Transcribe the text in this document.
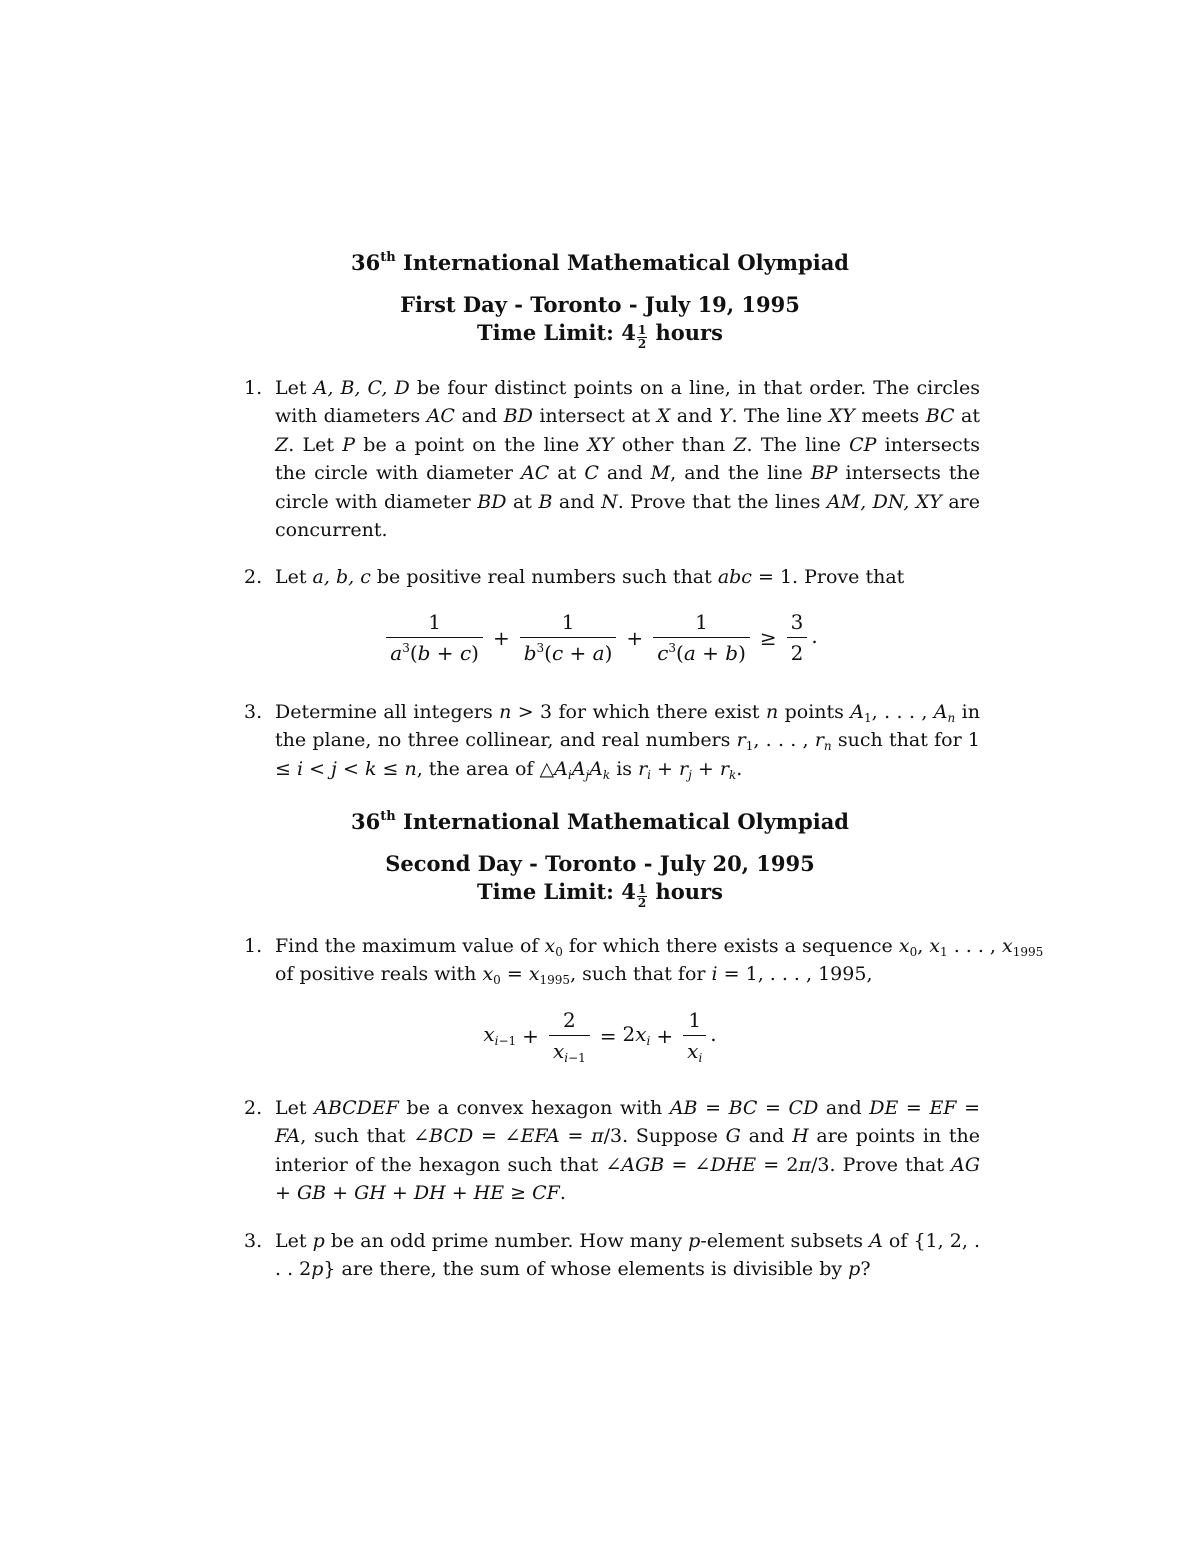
36th International Mathematical Olympiad
First Day - Toronto - July 19, 1995
Time Limit: $4 \frac{1}{2}$ hours
1. Let A, B, C, D be four distinct points on a line, in that order. The circles with diameters AC and BD intersect at X and Y. The line XY meets BC at Z. Let P be a point on the line XY other than Z. The line CP intersects the circle with diameter AC at C and M, and the line BP intersects the circle with diameter BD at B and N. Prove that the lines AM, DN, XY are concurrent.
2. Let a, b, c be positive real numbers such that abc = 1. Prove that
$\frac{1}{a^3(b + c)} + \frac{1}{b^3(c + a)} + \frac{1}{c^3(a + b)} \ge \frac{3}{2}$ .
3. Determine all integers n > 3 for which there exist n points $A_1$, . . . , $A_n$ in the plane, no three collinear, and real numbers $r_1$, . . . , $r_n$ such that for 1 ≤ i < j < k ≤ n, the area of $\triangle A_iA_jA_k$ is $r_i + r_j + r_k$.
36th International Mathematical Olympiad
Second Day - Toronto - July 20, 1995
Time Limit: $4 \frac{1}{2}$ hours
1. Find the maximum value of $x_0$ for which there exists a sequence $x_0$, $x_1$ . . . , $x_{1995}$
of positive reals with $x_0 = x_{1995}$, such that for i = 1, . . . , 1995,
$x_{i-1} + \frac{2}{x_{i-1}} = 2x_i + \frac{1}{x_i}$ .
2. Let ABCDEF be a convex hexagon with AB = BC = CD and DE = EF = FA, such that ∠BCD = ∠EFA = π/3. Suppose G and H are points in the interior of the hexagon such that ∠AGB = ∠DHE = 2π/3. Prove that AG + GB + GH + DH + HE ≥ CF.
3. Let p be an odd prime number. How many p-element subsets A of {1, 2, . . . 2p} are there, the sum of whose elements is divisible by p?
